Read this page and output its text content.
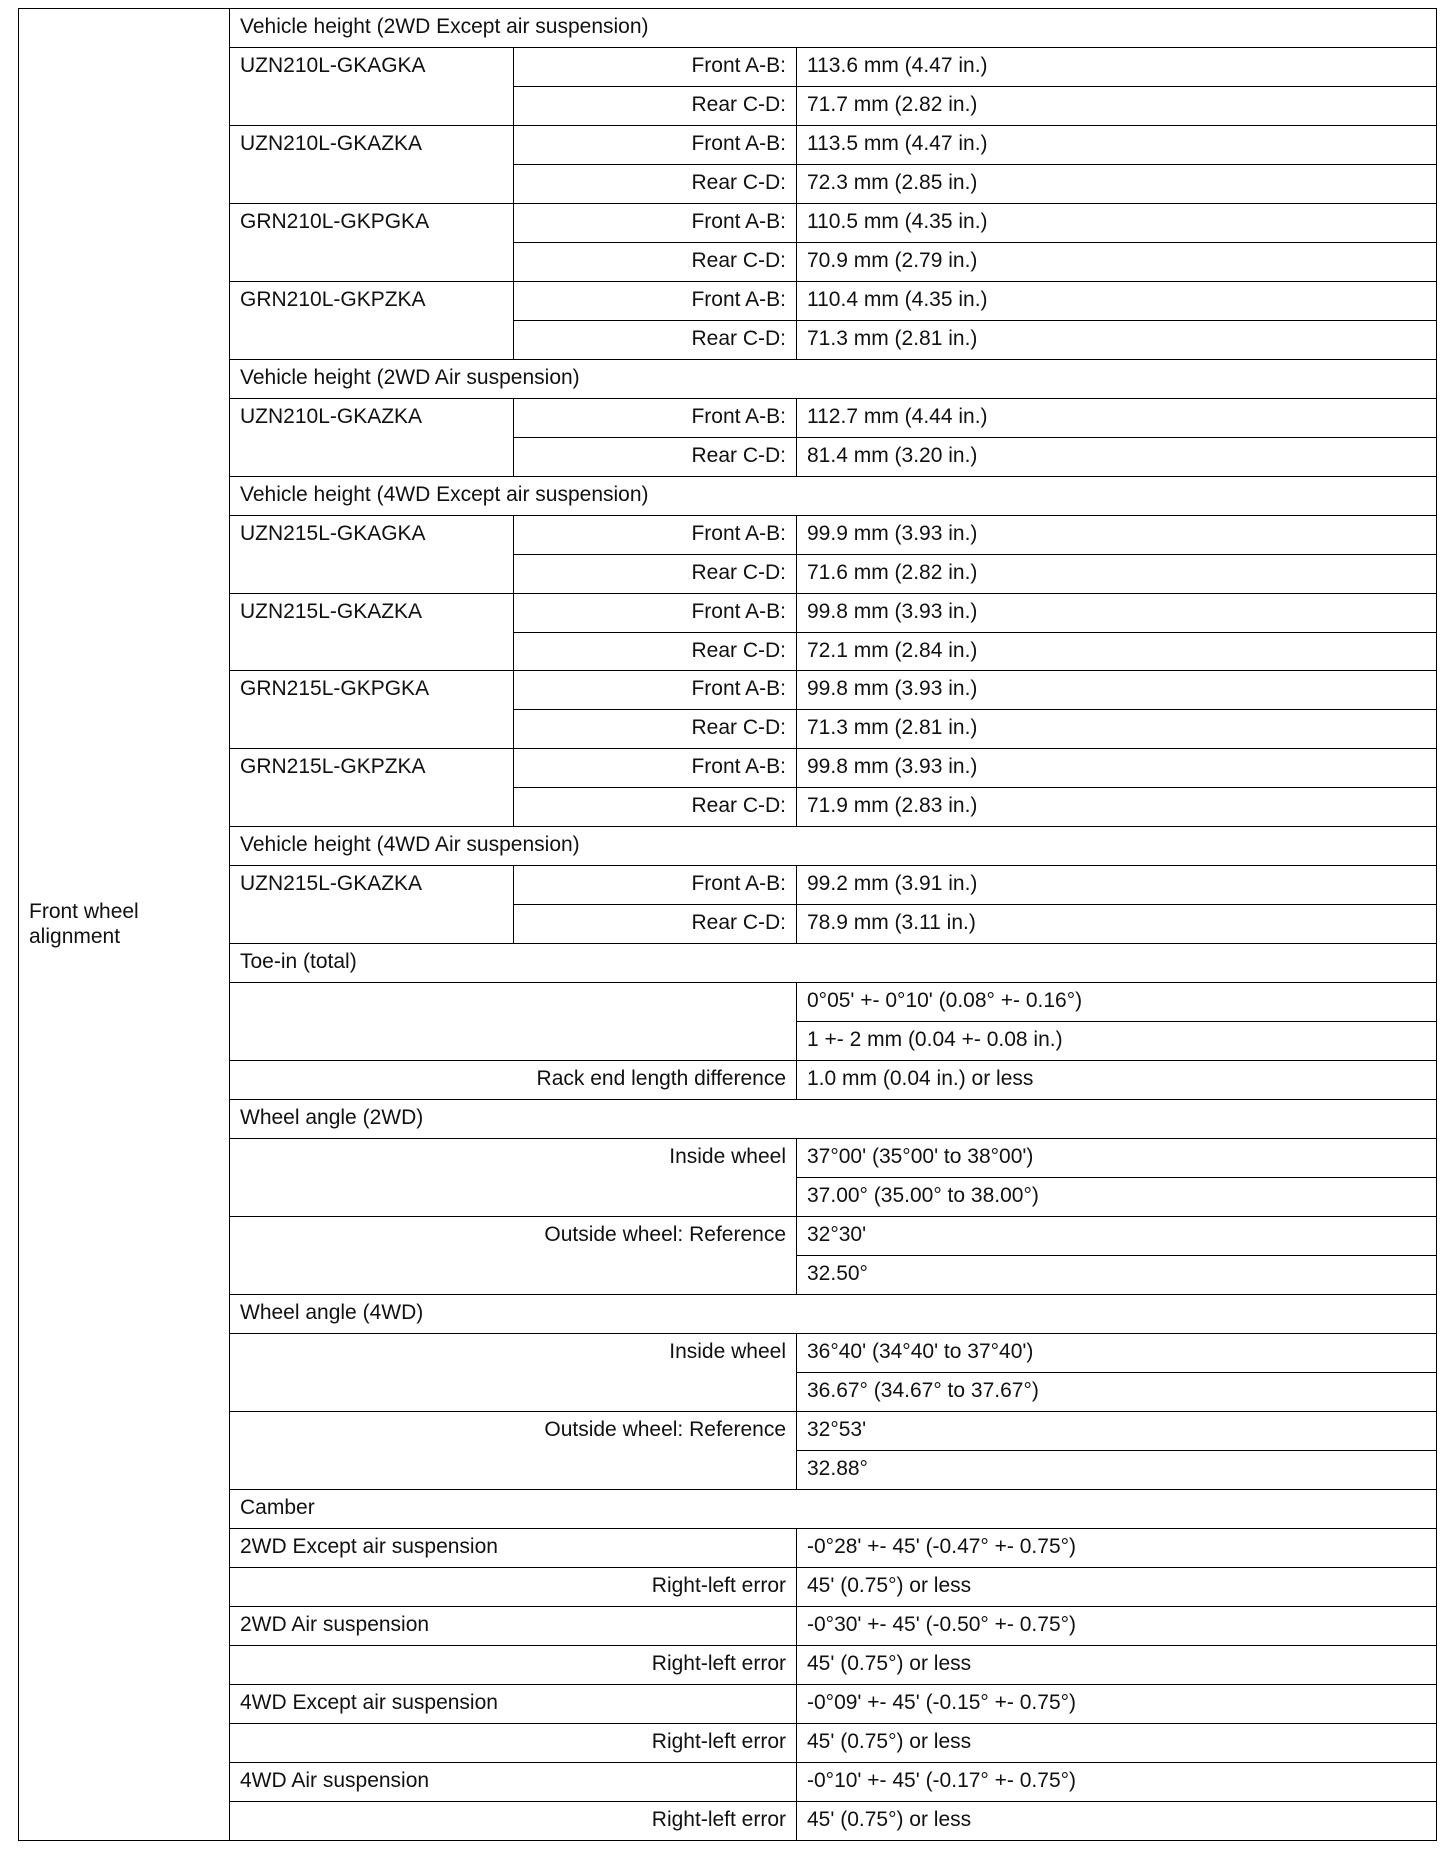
Front wheel alignment	Vehicle height (2WD Except air suspension)		
	UZN210L-GKAGKA	Front A-B:	113.6 mm (4.47 in.)
		Rear C-D:	71.7 mm (2.82 in.)
	UZN210L-GKAZKA	Front A-B:	113.5 mm (4.47 in.)
		Rear C-D:	72.3 mm (2.85 in.)
	GRN210L-GKPGKA	Front A-B:	110.5 mm (4.35 in.)
		Rear C-D:	70.9 mm (2.79 in.)
	GRN210L-GKPZKA	Front A-B:	110.4 mm (4.35 in.)
		Rear C-D:	71.3 mm (2.81 in.)
	Vehicle height (2WD Air suspension)		
	UZN210L-GKAZKA	Front A-B:	112.7 mm (4.44 in.)
		Rear C-D:	81.4 mm (3.20 in.)
	Vehicle height (4WD Except air suspension)		
	UZN215L-GKAGKA	Front A-B:	99.9 mm (3.93 in.)
		Rear C-D:	71.6 mm (2.82 in.)
	UZN215L-GKAZKA	Front A-B:	99.8 mm (3.93 in.)
		Rear C-D:	72.1 mm (2.84 in.)
	GRN215L-GKPGKA	Front A-B:	99.8 mm (3.93 in.)
		Rear C-D:	71.3 mm (2.81 in.)
	GRN215L-GKPZKA	Front A-B:	99.8 mm (3.93 in.)
		Rear C-D:	71.9 mm (2.83 in.)
	Vehicle height (4WD Air suspension)		
	UZN215L-GKAZKA	Front A-B:	99.2 mm (3.91 in.)
		Rear C-D:	78.9 mm (3.11 in.)
	Toe-in (total)		
			0°05' +- 0°10' (0.08° +- 0.16°)
			1 +- 2 mm (0.04 +- 0.08 in.)
	Rack end length difference		1.0 mm (0.04 in.) or less
	Wheel angle (2WD)		
	Inside wheel		37°00' (35°00' to 38°00')
			37.00° (35.00° to 38.00°)
	Outside wheel: Reference		32°30'
			32.50°
	Wheel angle (4WD)		
	Inside wheel		36°40' (34°40' to 37°40')
			36.67° (34.67° to 37.67°)
	Outside wheel: Reference		32°53'
			32.88°
	Camber		
	2WD Except air suspension		-0°28' +- 45' (-0.47° +- 0.75°)
	Right-left error		45' (0.75°) or less
	2WD Air suspension		-0°30' +- 45' (-0.50° +- 0.75°)
	Right-left error		45' (0.75°) or less
	4WD Except air suspension		-0°09' +- 45' (-0.15° +- 0.75°)
	Right-left error		45' (0.75°) or less
	4WD Air suspension		-0°10' +- 45' (-0.17° +- 0.75°)
	Right-left error		45' (0.75°) or less
